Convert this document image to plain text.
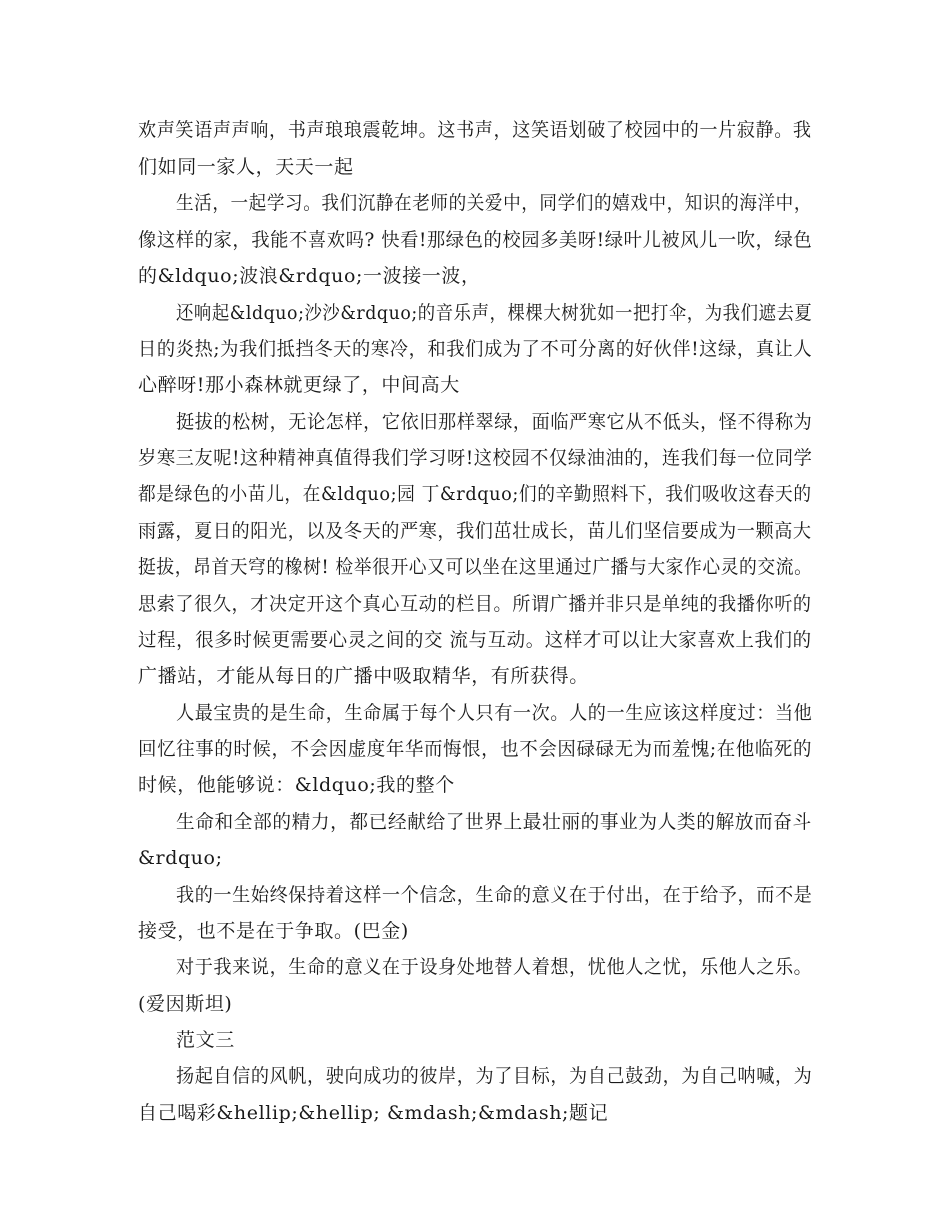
欢声笑语声声响，书声琅琅震乾坤。这书声，这笑语划破了校园中的一片寂静。我
们如同一家人，天天一起
生活，一起学习。我们沉静在老师的关爱中，同学们的嬉戏中，知识的海洋中，
像这样的家，我能不喜欢吗? 快看!那绿色的校园多美呀!绿叶儿被风儿一吹，绿色
的&ldquo;波浪&rdquo;一波接一波，
还响起&ldquo;沙沙&rdquo;的音乐声，棵棵大树犹如一把打伞，为我们遮去夏
日的炎热;为我们抵挡冬天的寒冷，和我们成为了不可分离的好伙伴!这绿，真让人
心醉呀!那小森林就更绿了，中间高大
挺拔的松树，无论怎样，它依旧那样翠绿，面临严寒它从不低头，怪不得称为
岁寒三友呢!这种精神真值得我们学习呀!这校园不仅绿油油的，连我们每一位同学
都是绿色的小苗儿，在&ldquo;园 丁&rdquo;们的辛勤照料下，我们吸收这春天的
雨露，夏日的阳光，以及冬天的严寒，我们茁壮成长，苗儿们坚信要成为一颗高大
挺拔，昂首天穹的橡树! 检举很开心又可以坐在这里通过广播与大家作心灵的交流。
思索了很久，才决定开这个真心互动的栏目。所谓广播并非只是单纯的我播你听的
过程，很多时候更需要心灵之间的交 流与互动。这样才可以让大家喜欢上我们的
广播站，才能从每日的广播中吸取精华，有所获得。
人最宝贵的是生命，生命属于每个人只有一次。人的一生应该这样度过：当他
回忆往事的时候，不会因虚度年华而悔恨，也不会因碌碌无为而羞愧;在他临死的
时候，他能够说：&ldquo;我的整个
生命和全部的精力，都已经献给了世界上最壮丽的事业为人类的解放而奋斗
&rdquo;
我的一生始终保持着这样一个信念，生命的意义在于付出，在于给予，而不是
接受，也不是在于争取。(巴金)
对于我来说，生命的意义在于设身处地替人着想，忧他人之忧，乐他人之乐。
(爱因斯坦)
范文三
扬起自信的风帆，驶向成功的彼岸，为了目标，为自己鼓劲，为自己呐喊，为
自己喝彩&hellip;&hellip; &mdash;&mdash;题记
